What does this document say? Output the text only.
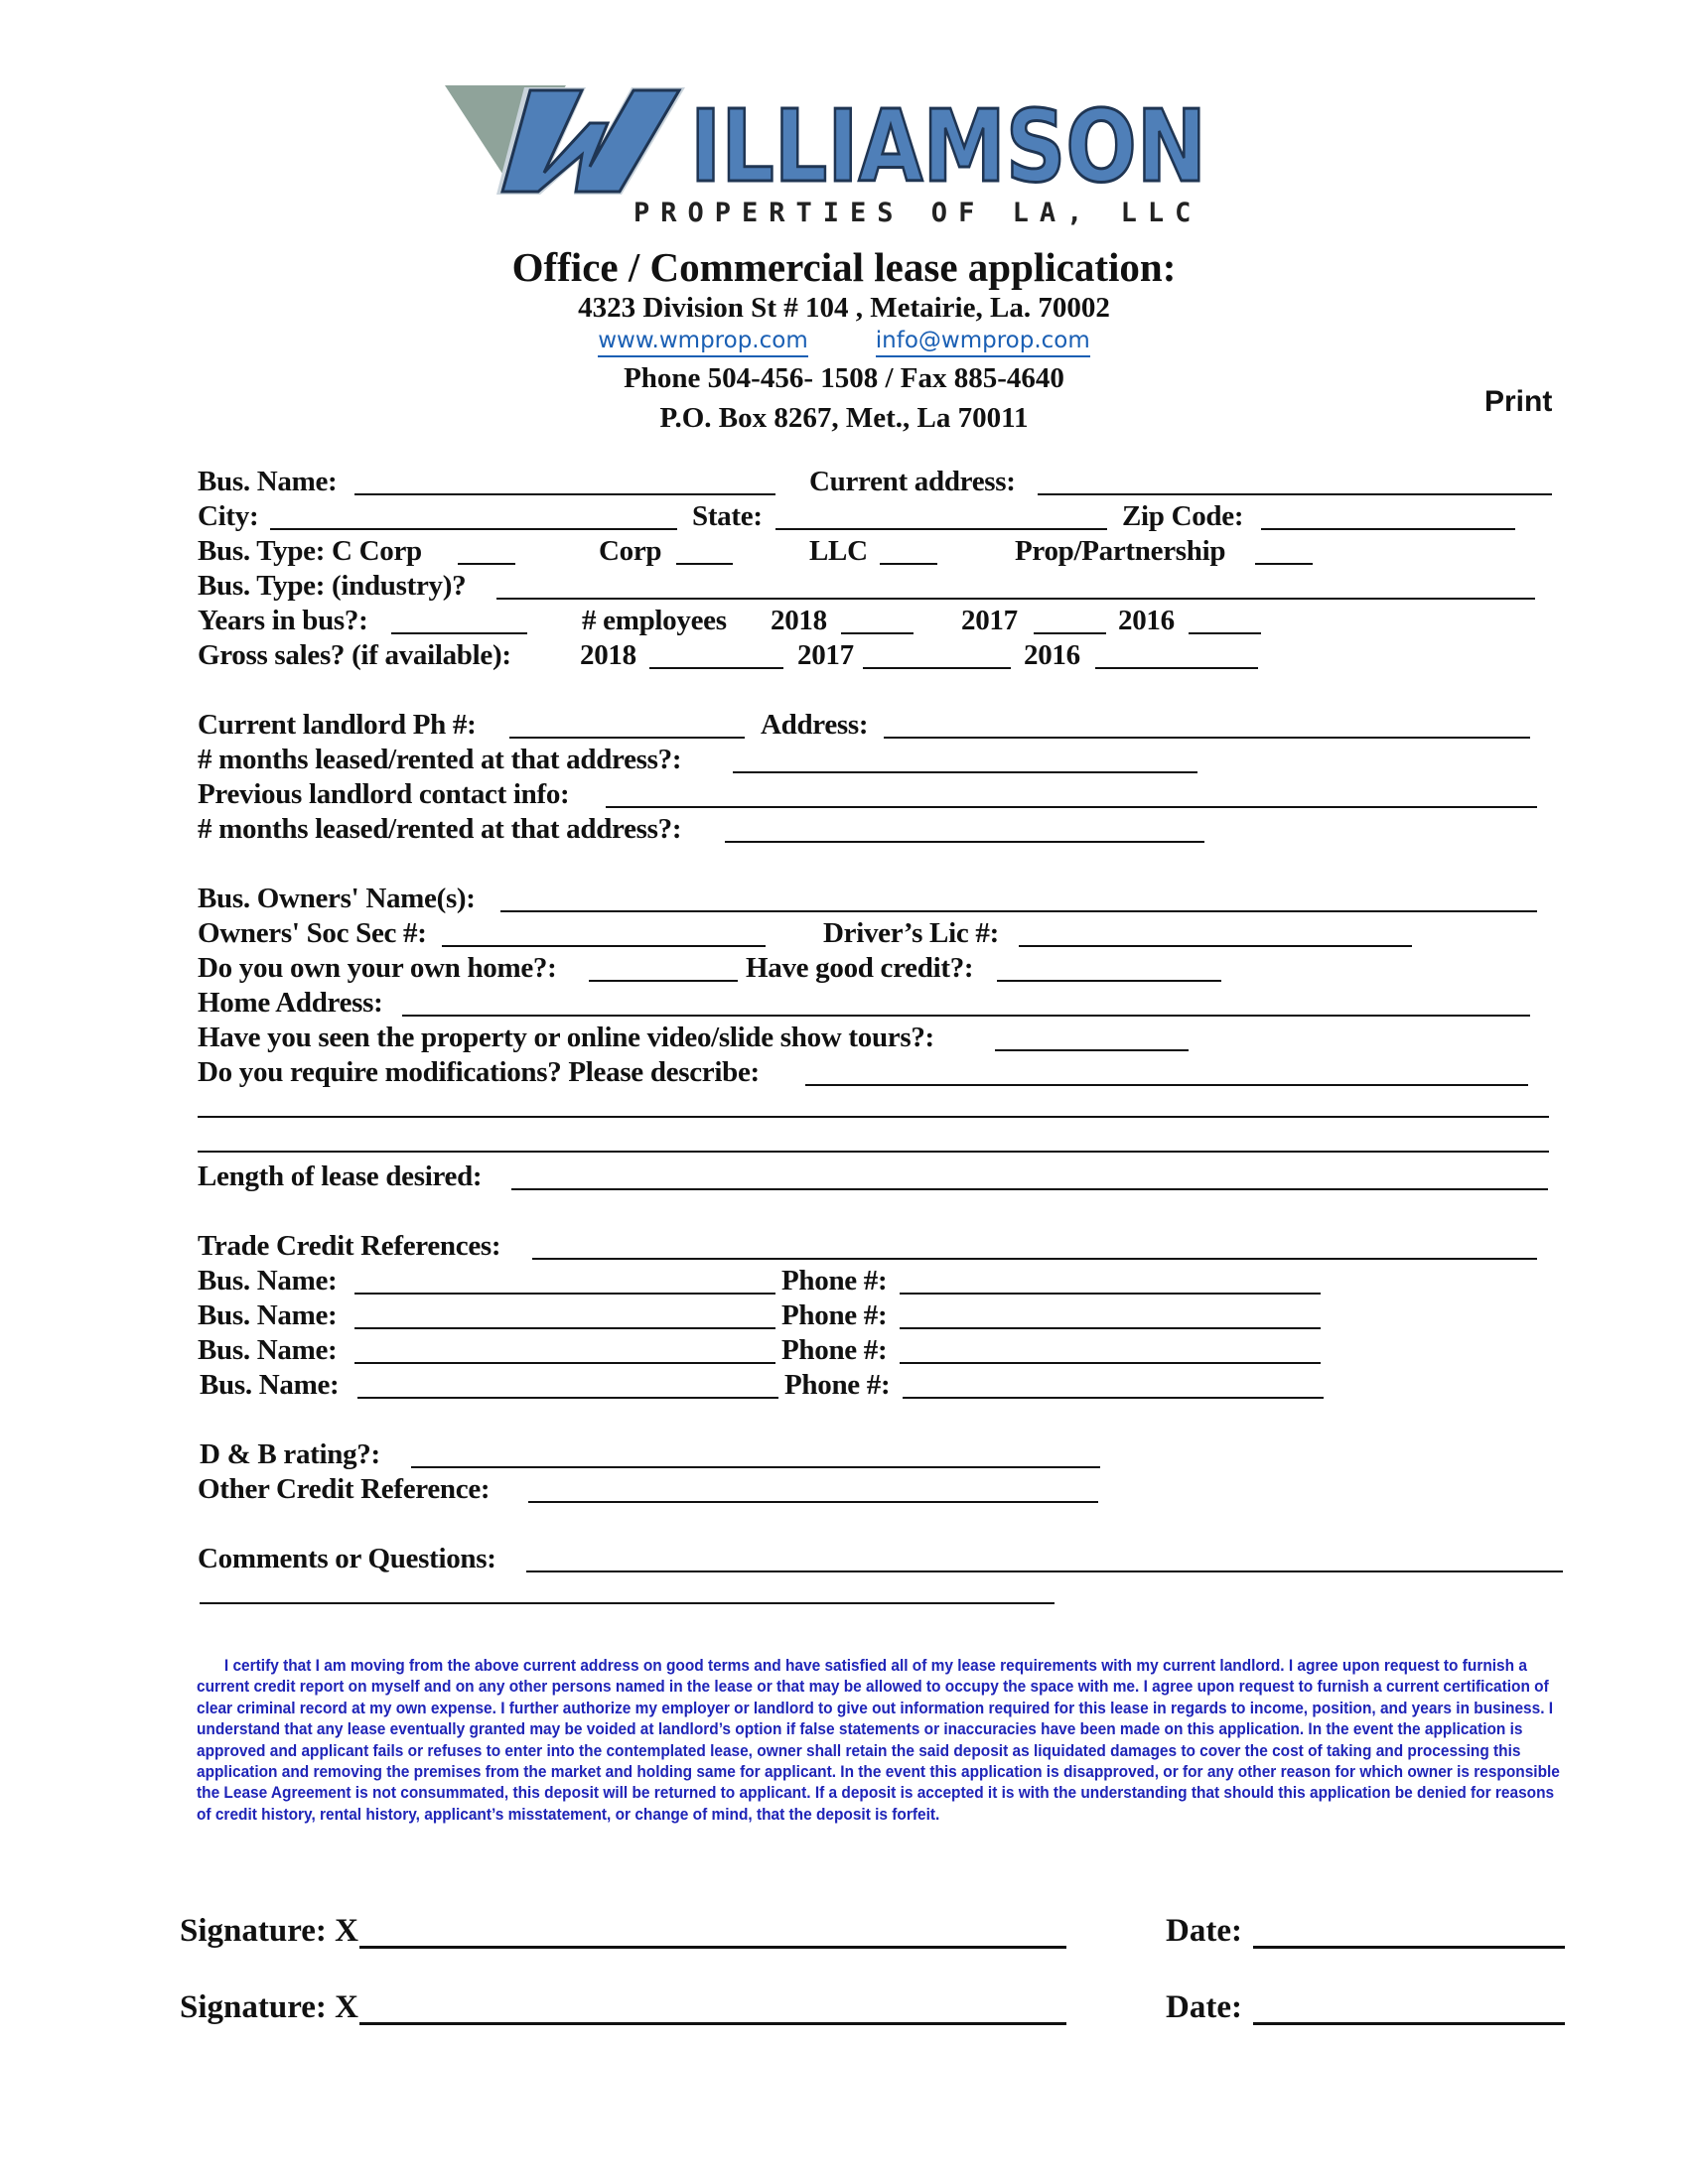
ILLIAMSON
PROPERTIES OF LA, LLC
Office / Commercial lease application:
4323 Division St # 104 , Metairie, La. 70002
www.wmprop.com	info@wmprop.com
Phone 504-456- 1508 / Fax 885-4640
P.O. Box 8267, Met., La 70011	Print
Bus. Name:	Current address:
City:	State:	Zip Code:
Bus. Type: C Corp	Corp	LLC	Prop/Partnership
Bus. Type: (industry)?
Years in bus?:	# employees 2018	2017	2016
Gross sales? (if available): 2018	2017	2016
Current landlord Ph #:	Address:
# months leased/rented at that address?:
Previous landlord contact info:
# months leased/rented at that address?:
Bus. Owners' Name(s):
Owners' Soc Sec #:	Driver’s Lic #:
Do you own your own home?:	Have good credit?:
Home Address:
Have you seen the property or online video/slide show tours?:
Do you require modifications? Please describe:
Length of lease desired:
Trade Credit References:
Bus. Name:	Phone #:
Bus. Name:	Phone #:
Bus. Name:	Phone #:
Bus. Name:	Phone #:
D & B rating?:
Other Credit Reference:
Comments or Questions:
I certify that I am moving from the above current address on good terms and have satisfied all of my lease requirements with my current landlord. I agree upon request to furnish a current credit report on myself and on any other persons named in the lease or that may be allowed to occupy the space with me. I agree upon request to furnish a current certification of clear criminal record at my own expense. I further authorize my employer or landlord to give out information required for this lease in regards to income, position, and years in business. I understand that any lease eventually granted may be voided at landlord’s option if false statements or inaccuracies have been made on this application. In the event the application is approved and applicant fails or refuses to enter into the contemplated lease, owner shall retain the said deposit as liquidated damages to cover the cost of taking and processing this application and removing the premises from the market and holding same for applicant. In the event this application is disapproved, or for any other reason for which owner is responsible the Lease Agreement is not consummated, this deposit will be returned to applicant. If a deposit is accepted it is with the understanding that should this application be denied for reasons of credit history, rental history, applicant’s misstatement, or change of mind, that the deposit is forfeit.
Signature: X	Date:
Signature: X	Date:
